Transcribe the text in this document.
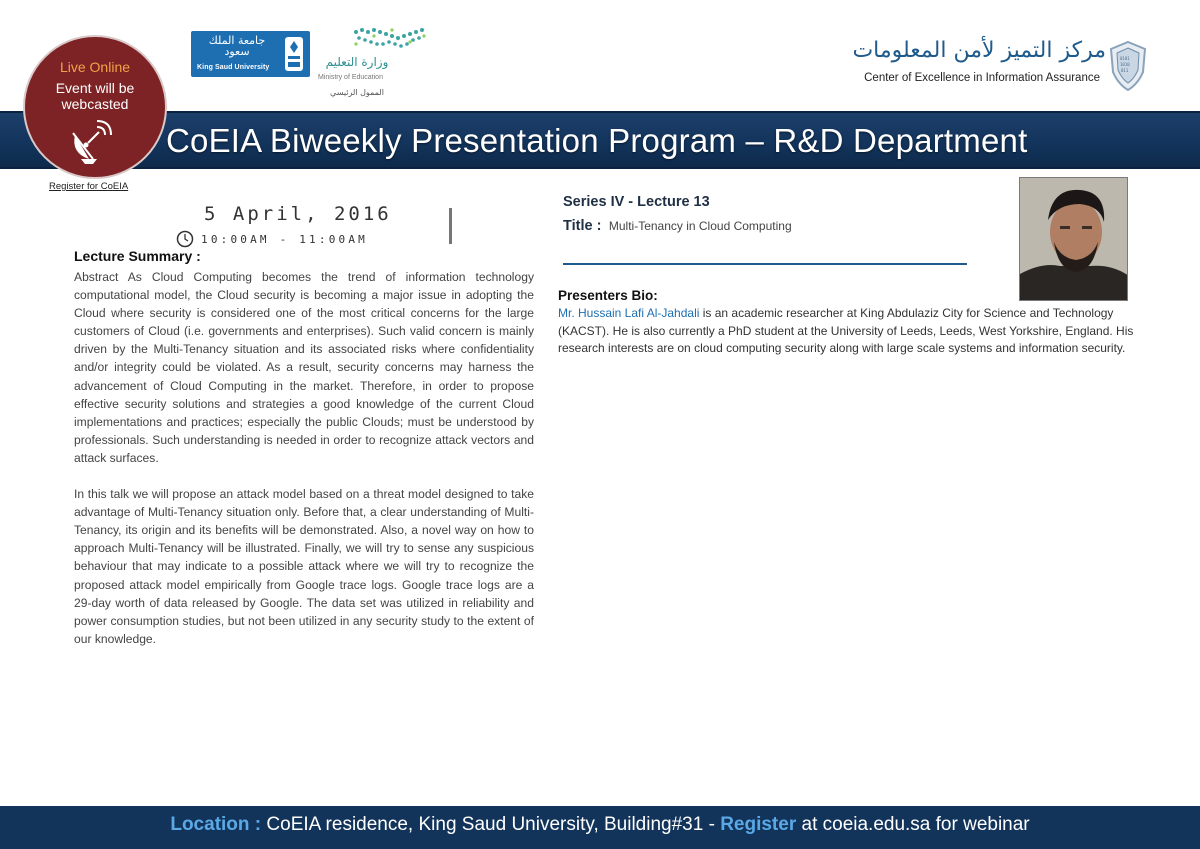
جامعة الملك سعود
King Saud University	وزارة التعليم
Ministry of Education
الممول الرئيسي
مركز التميز لأمن المعلومات
Center of Excellence in Information Assurance
0101
1010
011
CoEIA Biweekly Presentation Program – R&D Department
Live Online
Event will be
webcasted
Register for CoEIA
5 April, 2016
10:00AM - 11:00AM
Lecture Summary :

Abstract As Cloud Computing becomes the trend of information technology computational model, the Cloud security is becoming a major issue in adopting the Cloud where security is considered one of the most critical concerns for the large customers of Cloud (i.e. governments and enterprises). Such valid concern is mainly driven by the Multi-Tenancy situation and its associated risks where confidentiality and/or integrity could be violated. As a result, security concerns may harness the advancement of Cloud Computing in the market. Therefore, in order to propose effective security solutions and strategies a good knowledge of the current Cloud implementations and practices; especially the public Clouds; must be understood by professionals. Such understanding is needed in order to recognize attack vectors and attack surfaces.

In this talk we will propose an attack model based on a threat model designed to take advantage of Multi-Tenancy situation only. Before that, a clear understanding of Multi-Tenancy, its origin and its benefits will be demonstrated. Also, a novel way on how to approach Multi-Tenancy will be illustrated. Finally, we will try to sense any suspicious behaviour that may indicate to a possible attack where we will try to recognize the proposed attack model empirically from Google trace logs. Google trace logs are a 29-day worth of data released by Google. The data set was utilized in reliability and power consumption studies, but not been utilized in any security study to the extent of our knowledge.

Series IV - Lecture 13
Title : Multi-Tenancy in Cloud Computing
Presenters Bio:
Mr. Hussain Lafi Al-Jahdali is an academic researcher at King Abdulaziz City for Science and Technology (KACST). He is also currently a PhD student at the University of Leeds, Leeds, West Yorkshire, England. His research interests are on cloud computing security along with large scale systems and information security.
Location : CoEIA residence, King Saud University, Building#31 - Register at coeia.edu.sa for webinar
